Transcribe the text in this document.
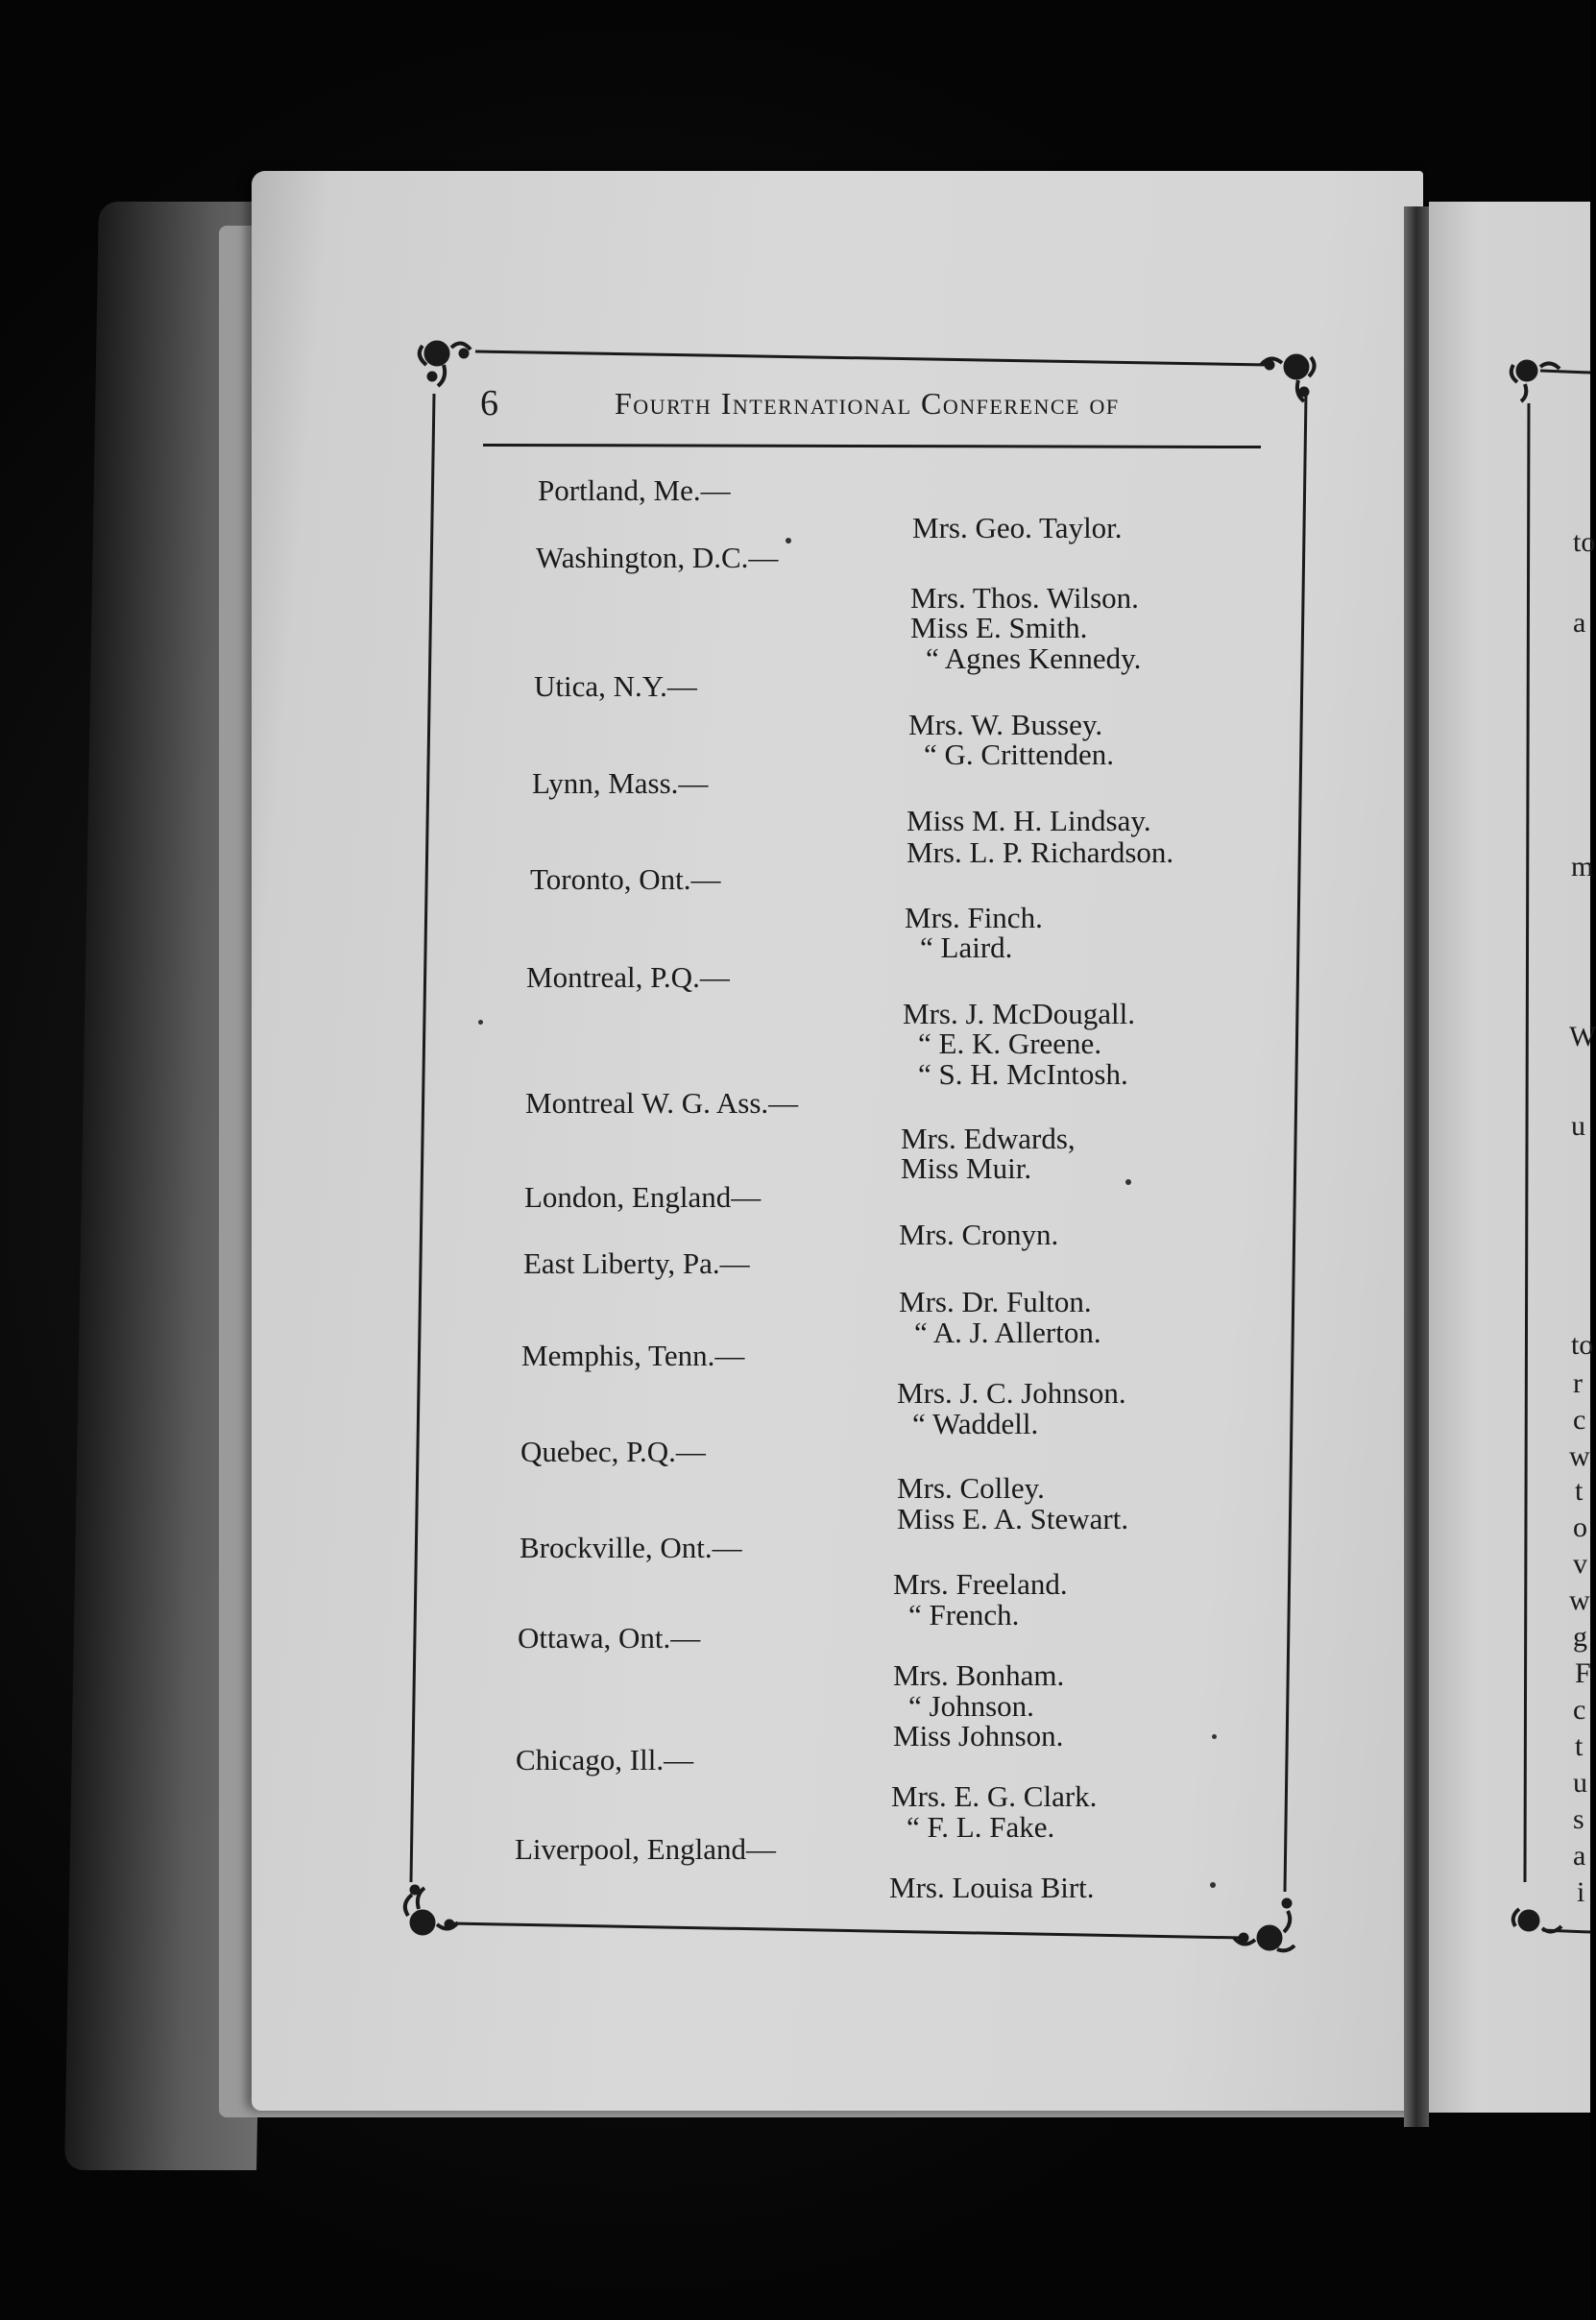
6	Fourth International Conference of
Portland, Me.—
Mrs. Geo. Taylor.
Washington, D.C.—
Mrs. Thos. Wilson.
Miss E. Smith.
“ Agnes Kennedy.
Utica, N.Y.—
Mrs. W. Bussey.
“ G. Crittenden.
Lynn, Mass.—
Miss M. H. Lindsay.
Mrs. L. P. Richardson.
Toronto, Ont.—
Mrs. Finch.
“ Laird.
Montreal, P.Q.—
Mrs. J. McDougall.
“ E. K. Greene.
“ S. H. McIntosh.
Montreal W. G. Ass.—
Mrs. Edwards,
Miss Muir.
London, England—
Mrs. Cronyn.
East Liberty, Pa.—
Mrs. Dr. Fulton.
“ A. J. Allerton.
Memphis, Tenn.—
Mrs. J. C. Johnson.
“ Waddell.
Quebec, P.Q.—
Mrs. Colley.
Miss E. A. Stewart.
Brockville, Ont.—
Mrs. Freeland.
“ French.
Ottawa, Ont.—
Mrs. Bonham.
“ Johnson.
Miss Johnson.
Chicago, Ill.—
Mrs. E. G. Clark.
“ F. L. Fake.
Liverpool, England—
Mrs. Louisa Birt.
to
a
m
W
u
to
r
c
w
t
o
v
w
g
F
c
t
u
s
a
i
